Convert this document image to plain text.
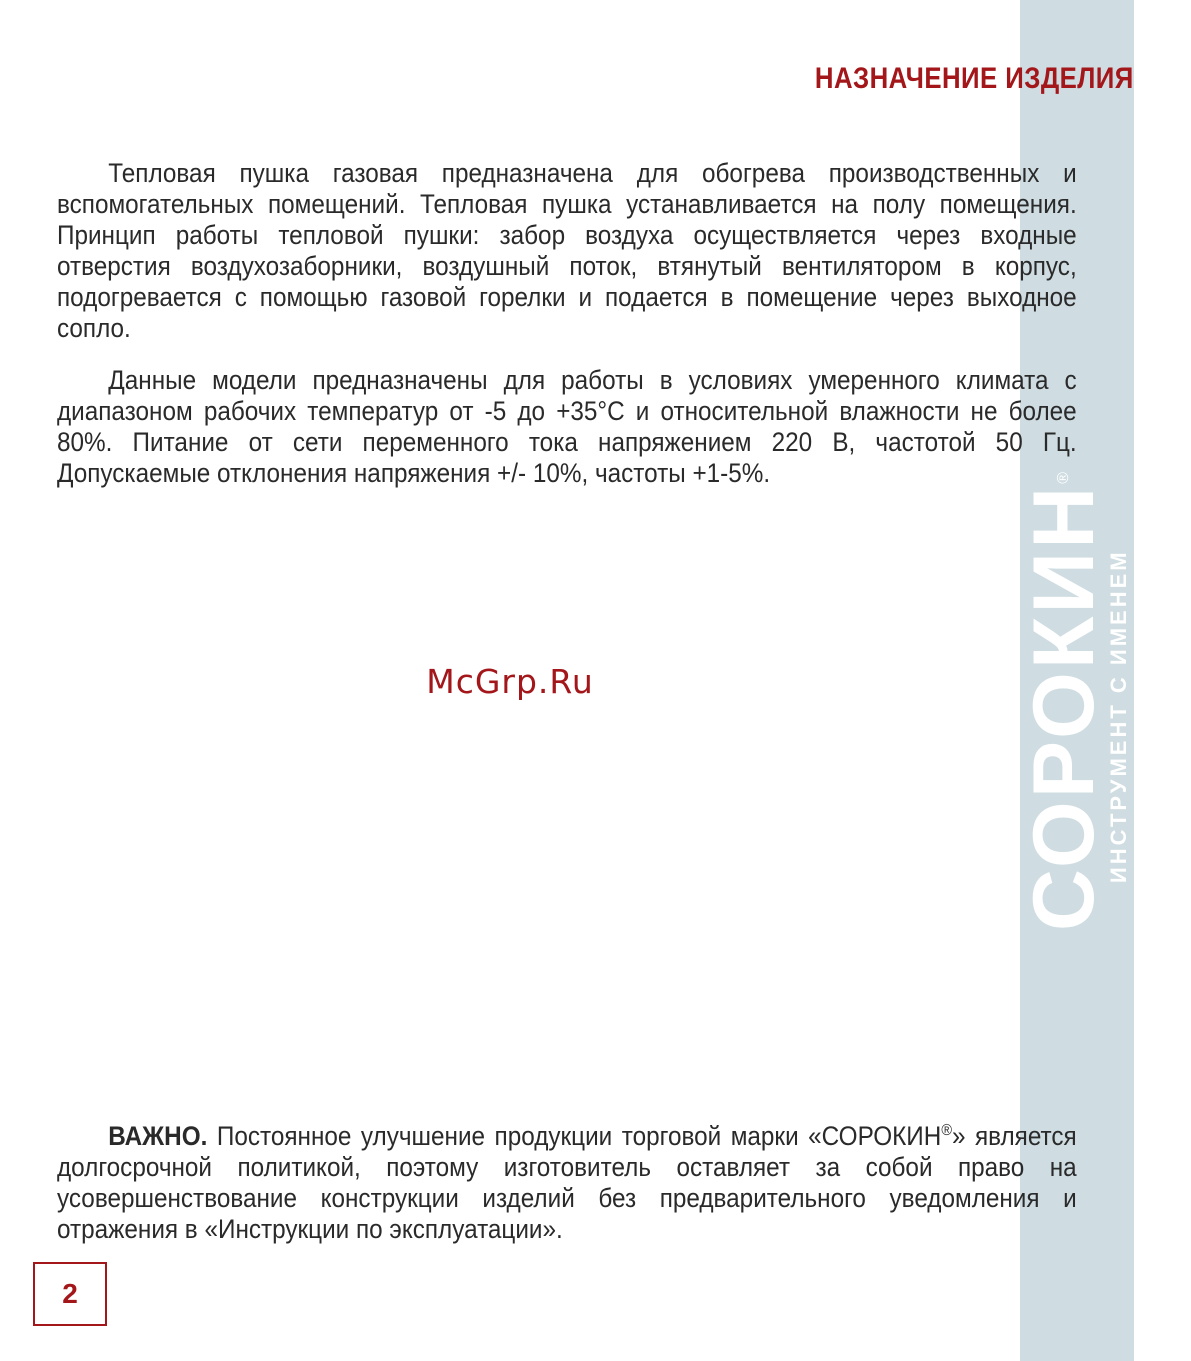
СОРОКИН®
ИНСТРУМЕНТ С ИМЕНЕМ
НАЗНАЧЕНИЕ ИЗДЕЛИЯ

Тепловая пушка газовая предназначена для обогрева производственных и вспомогательных помещений. Тепловая пушка устанавливается на полу помещения. Принцип работы тепловой пушки: забор воздуха осуществляется через входные отверстия воздухозаборники, воздушный поток, втянутый вентилятором в корпус, подогревается с помощью газовой горелки и подается в помещение через выходное сопло.

Данные модели предназначены для работы в условиях умеренного климата с диапазоном рабочих температур от -5 до +35°С и относительной влажности не более 80%. Питание от сети переменного тока напряжением 220 В, частотой 50 Гц. Допускаемые отклонения напряжения +/- 10%, частоты +1-5%.

McGrp.Ru

ВАЖНО. Постоянное улучшение продукции торговой марки «СОРОКИН®» является долгосрочной политикой, поэтому изготовитель оставляет за собой право на усовершенствование конструкции изделий без предварительного уведомления и отражения в «Инструкции по эксплуатации».

2
